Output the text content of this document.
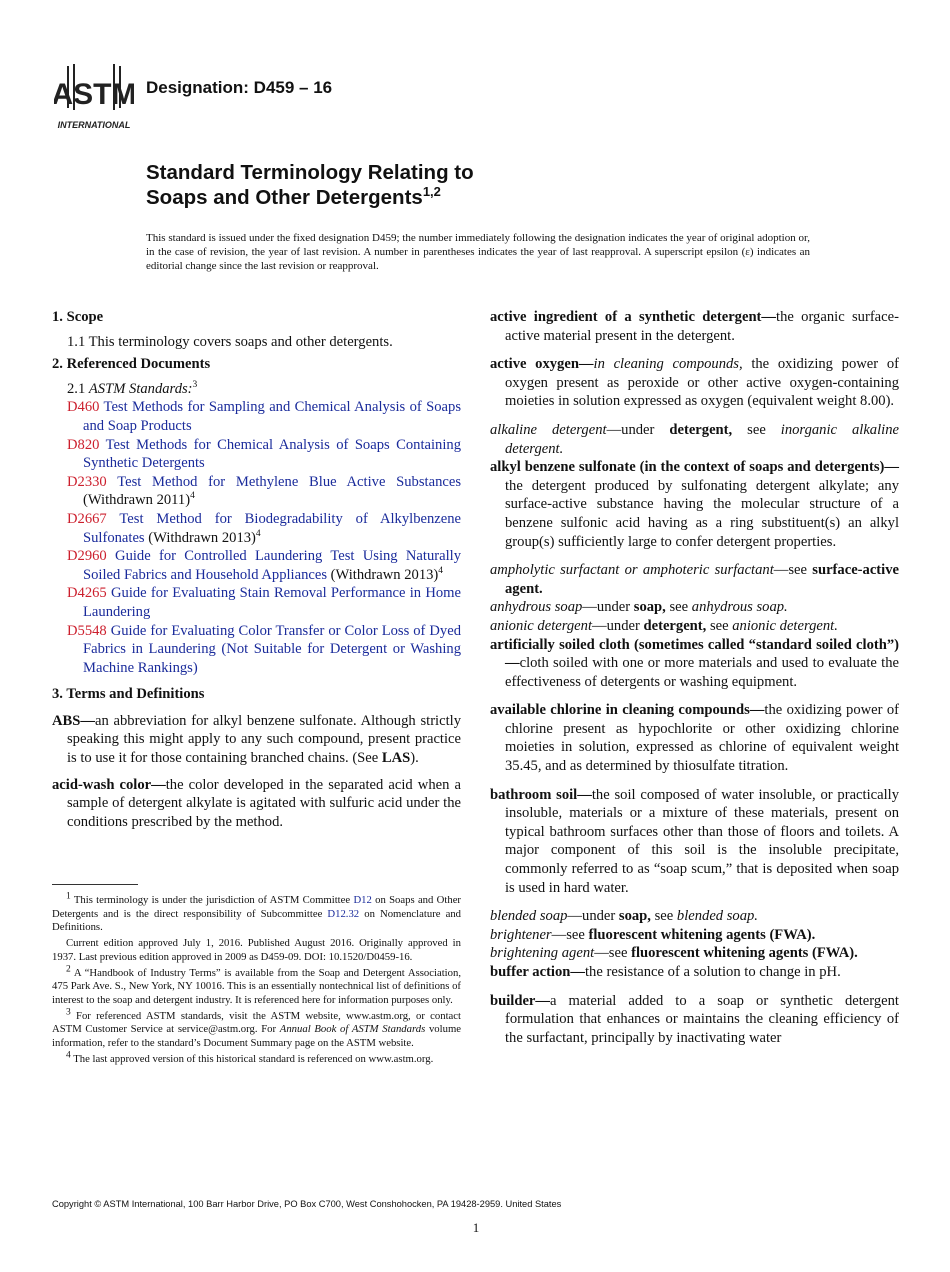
ASTM
INTERNATIONAL
Designation: D459 – 16
Standard Terminology Relating to
Soaps and Other Detergents$^{1,2}$
This standard is issued under the fixed designation D459; the number immediately following the designation indicates the year of original adoption or, in the case of revision, the year of last revision. A number in parentheses indicates the year of last reapproval. A superscript epsilon (ε) indicates an editorial change since the last revision or reapproval.

1. Scope

1.1 This terminology covers soaps and other detergents.

2. Referenced Documents

2.1 ASTM Standards:$^3$

D460 Test Methods for Sampling and Chemical Analysis of Soaps and Soap Products

D820 Test Methods for Chemical Analysis of Soaps Containing Synthetic Detergents

D2330 Test Method for Methylene Blue Active Substances (Withdrawn 2011)$^4$

D2667 Test Method for Biodegradability of Alkylbenzene Sulfonates (Withdrawn 2013)$^4$

D2960 Guide for Controlled Laundering Test Using Naturally Soiled Fabrics and Household Appliances (Withdrawn 2013)$^4$

D4265 Guide for Evaluating Stain Removal Performance in Home Laundering

D5548 Guide for Evaluating Color Transfer or Color Loss of Dyed Fabrics in Laundering (Not Suitable for Detergent or Washing Machine Rankings)

3. Terms and Definitions

ABS—an abbreviation for alkyl benzene sulfonate. Although strictly speaking this might apply to any such compound, present practice is to use it for those containing branched chains. (See LAS).

acid-wash color—the color developed in the separated acid when a sample of detergent alkylate is agitated with sulfuric acid under the conditions prescribed by the method.

$^1$ This terminology is under the jurisdiction of ASTM Committee D12 on Soaps and Other Detergents and is the direct responsibility of Subcommittee D12.32 on Nomenclature and Definitions.

Current edition approved July 1, 2016. Published August 2016. Originally approved in 1937. Last previous edition approved in 2009 as D459-09. DOI: 10.1520/D0459-16.

$^2$ A “Handbook of Industry Terms” is available from the Soap and Detergent Association, 475 Park Ave. S., New York, NY 10016. This is an essentially nontechnical list of definitions of interest to the soap and detergent industry. It is referenced here for information purposes only.

$^3$ For referenced ASTM standards, visit the ASTM website, www.astm.org, or contact ASTM Customer Service at service@astm.org. For Annual Book of ASTM Standards volume information, refer to the standard’s Document Summary page on the ASTM website.

$^4$ The last approved version of this historical standard is referenced on www.astm.org.

active ingredient of a synthetic detergent—the organic surface-active material present in the detergent.

active oxygen—in cleaning compounds, the oxidizing power of oxygen present as peroxide or other active oxygen-containing moieties in solution expressed as oxygen (equivalent weight 8.00).

alkaline detergent—under detergent, see inorganic alkaline detergent.

alkyl benzene sulfonate (in the context of soaps and detergents)—the detergent produced by sulfonating detergent alkylate; any surface-active substance having the molecular structure of a benzene sulfonic acid having as a ring substituent(s) an alkyl group(s) sufficiently large to confer detergent properties.

ampholytic surfactant or amphoteric surfactant—see surface-active agent.

anhydrous soap—under soap, see anhydrous soap.

anionic detergent—under detergent, see anionic detergent.

artificially soiled cloth (sometimes called “standard soiled cloth”)—cloth soiled with one or more materials and used to evaluate the effectiveness of detergents or washing equipment.

available chlorine in cleaning compounds—the oxidizing power of chlorine present as hypochlorite or other oxidizing chlorine moieties in solution, expressed as chlorine of equivalent weight 35.45, and as determined by thiosulfate titration.

bathroom soil—the soil composed of water insoluble, or practically insoluble, materials or a mixture of these materials, present on typical bathroom surfaces other than those of floors and toilets. A major component of this soil is the insoluble precipitate, commonly referred to as “soap scum,” that is deposited when soap is used in hard water.

blended soap—under soap, see blended soap.

brightener—see fluorescent whitening agents (FWA).

brightening agent—see fluorescent whitening agents (FWA).

buffer action—the resistance of a solution to change in pH.

builder—a material added to a soap or synthetic detergent formulation that enhances or maintains the cleaning efficiency of the surfactant, principally by inactivating water

Copyright © ASTM International, 100 Barr Harbor Drive, PO Box C700, West Conshohocken, PA 19428-2959. United States
1
